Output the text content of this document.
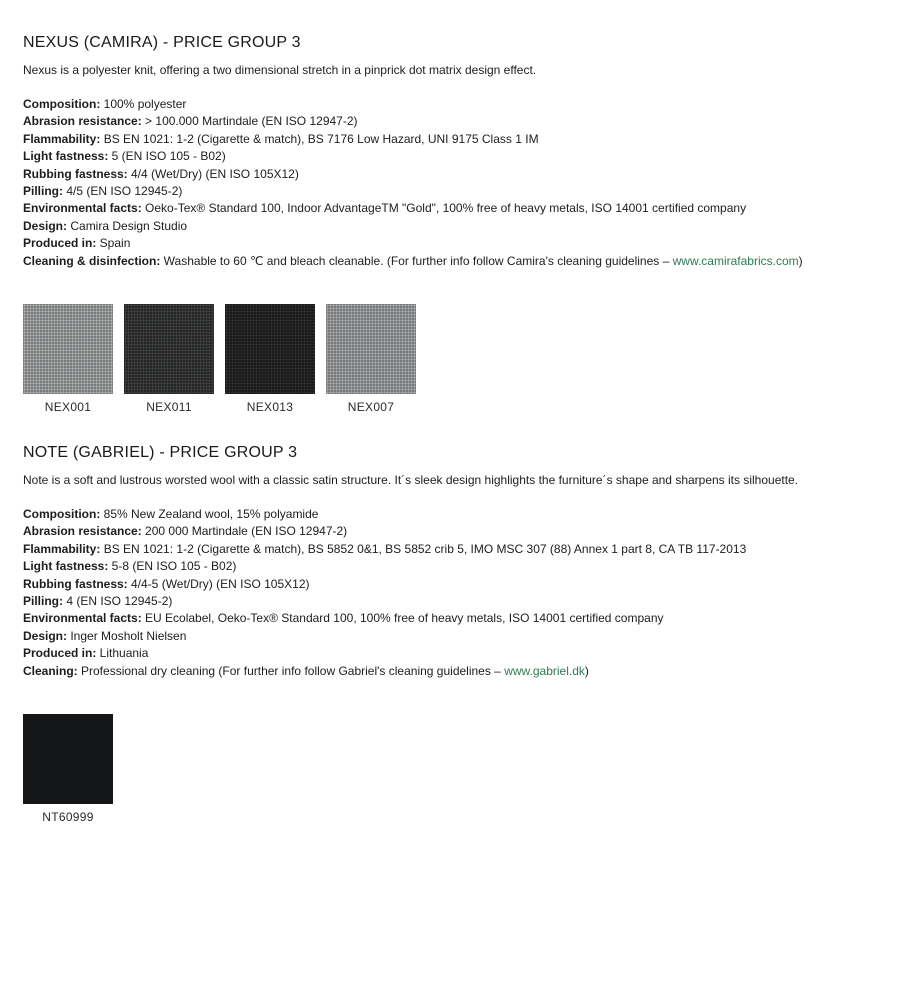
NEXUS (CAMIRA) - PRICE GROUP 3

Nexus is a polyester knit, offering a two dimensional stretch in a pinprick dot matrix design effect.

Composition: 100% polyester
Abrasion resistance: > 100.000 Martindale (EN ISO 12947-2)
Flammability: BS EN 1021: 1-2 (Cigarette & match), BS 7176 Low Hazard, UNI 9175 Class 1 IM
Light fastness: 5 (EN ISO 105 - B02)
Rubbing fastness: 4/4 (Wet/Dry) (EN ISO 105X12)
Pilling: 4/5 (EN ISO 12945-2)
Environmental facts: Oeko-Tex® Standard 100, Indoor AdvantageTM "Gold", 100% free of heavy metals, ISO 14001 certified company
Design: Camira Design Studio
Produced in: Spain
Cleaning & disinfection: Washable to 60 ℃ and bleach cleanable. (For further info follow Camira's cleaning guidelines – www.camirafabrics.com)
NEX001	NEX011	NEX013	NEX007
NOTE (GABRIEL) - PRICE GROUP 3

Note is a soft and lustrous worsted wool with a classic satin structure. It´s sleek design highlights the furniture´s shape and sharpens its silhouette.

Composition: 85% New Zealand wool, 15% polyamide
Abrasion resistance: 200 000 Martindale (EN ISO 12947-2)
Flammability: BS EN 1021: 1-2 (Cigarette & match), BS 5852 0&1, BS 5852 crib 5, IMO MSC 307 (88) Annex 1 part 8, CA TB 117-2013
Light fastness: 5-8 (EN ISO 105 - B02)
Rubbing fastness: 4/4-5 (Wet/Dry) (EN ISO 105X12)
Pilling: 4 (EN ISO 12945-2)
Environmental facts: EU Ecolabel, Oeko-Tex® Standard 100, 100% free of heavy metals, ISO 14001 certified company
Design: Inger Mosholt Nielsen
Produced in: Lithuania
Cleaning: Professional dry cleaning (For further info follow Gabriel's cleaning guidelines – www.gabriel.dk)
NT60999
